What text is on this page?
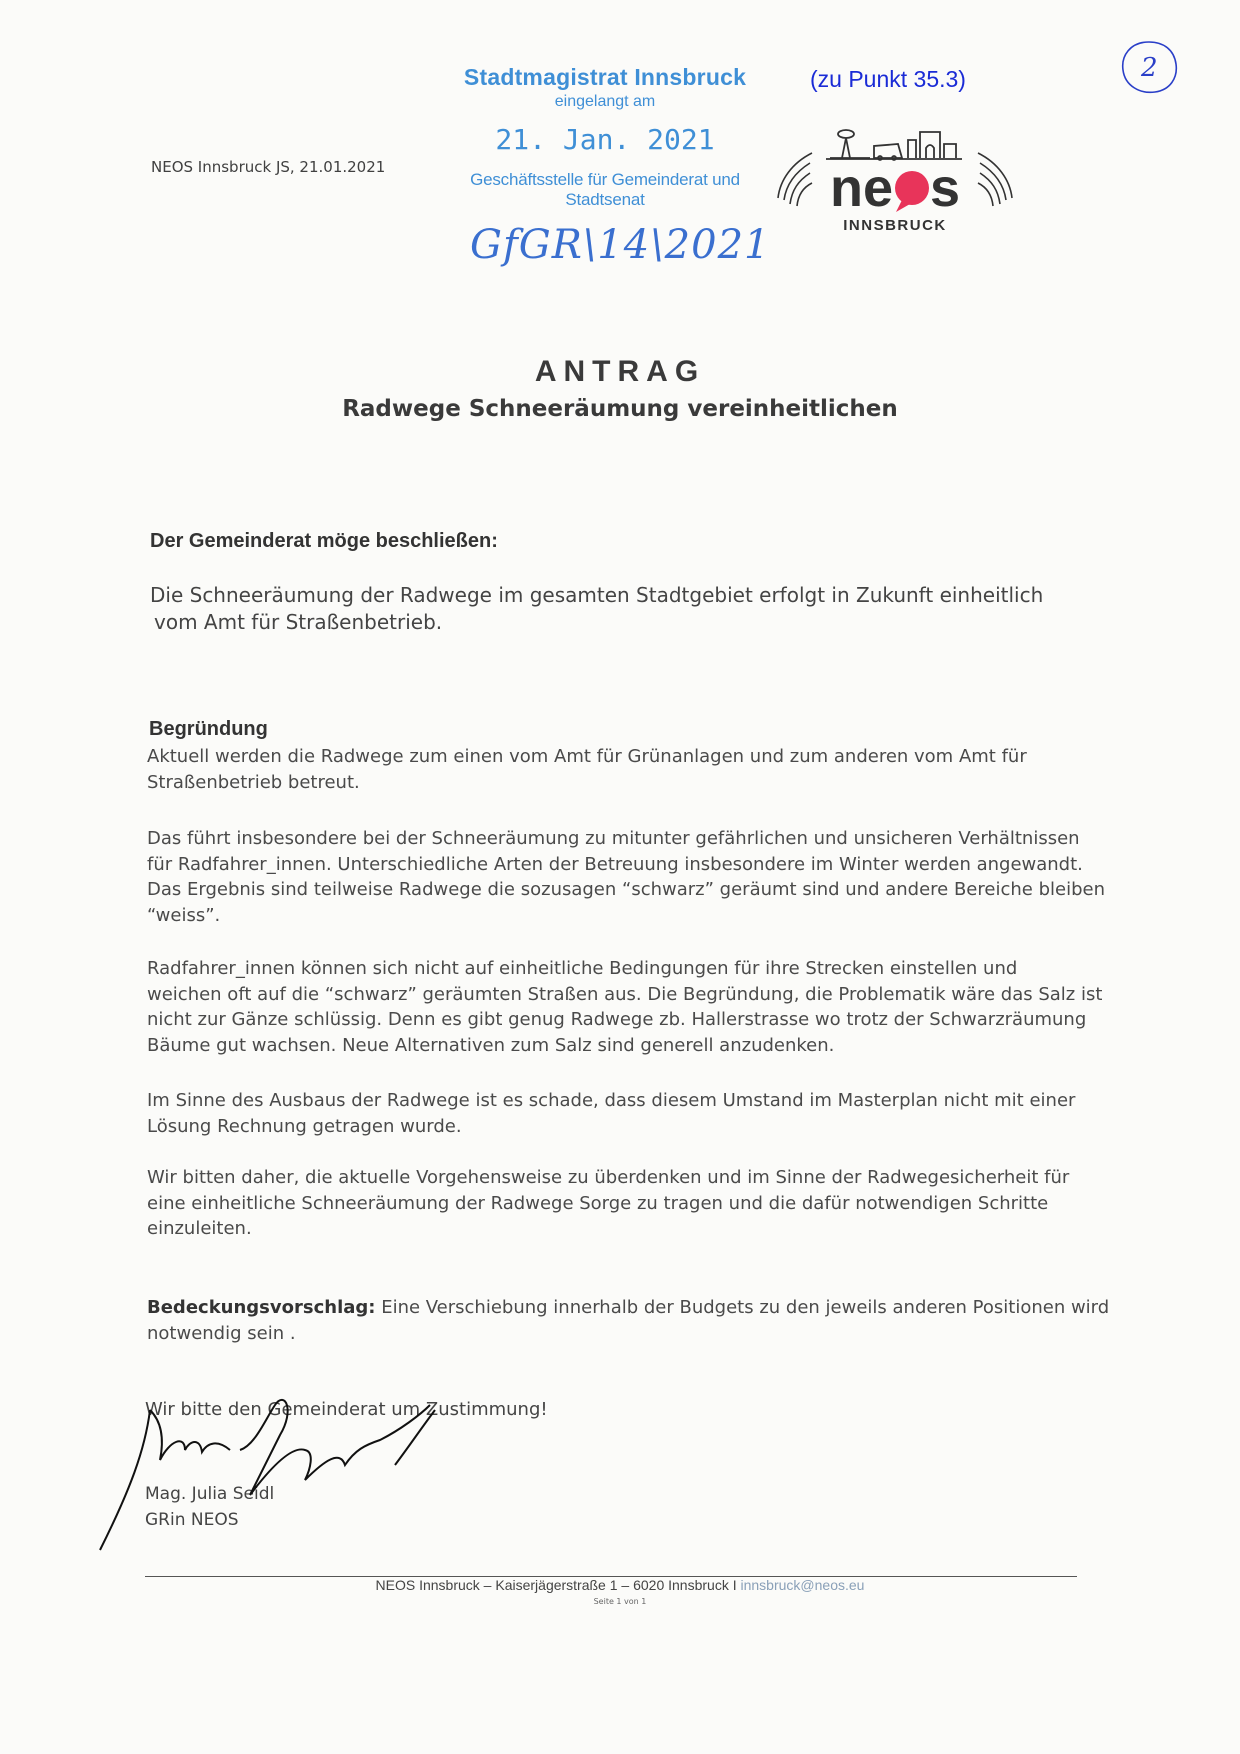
NEOS Innsbruck JS, 21.01.2021
Stadtmagistrat Innsbruck
eingelangt am
21. Jan. 2021
Geschäftsstelle für Gemeinderat und Stadtsenat
GfGR\14\2021
(zu Punkt 35.3)	2
ne s
INNSBRUCK
ANTRAG
Radwege Schneeräumung vereinheitlichen
Der Gemeinderat möge beschließen:
Die Schneeräumung der Radwege im gesamten Stadtgebiet erfolgt in Zukunft einheitlich
vom Amt für Straßenbetrieb.
Begründung
Aktuell werden die Radwege zum einen vom Amt für Grünanlagen und zum anderen vom Amt für
Straßenbetrieb betreut.
Das führt insbesondere bei der Schneeräumung zu mitunter gefährlichen und unsicheren Verhältnissen
für Radfahrer_innen. Unterschiedliche Arten der Betreuung insbesondere im Winter werden angewandt.
Das Ergebnis sind teilweise Radwege die sozusagen “schwarz” geräumt sind und andere Bereiche bleiben
“weiss”.
Radfahrer_innen können sich nicht auf einheitliche Bedingungen für ihre Strecken einstellen und
weichen oft auf die “schwarz” geräumten Straßen aus. Die Begründung, die Problematik wäre das Salz ist
nicht zur Gänze schlüssig. Denn es gibt genug Radwege zb. Hallerstrasse wo trotz der Schwarzräumung
Bäume gut wachsen. Neue Alternativen zum Salz sind generell anzudenken.
Im Sinne des Ausbaus der Radwege ist es schade, dass diesem Umstand im Masterplan nicht mit einer
Lösung Rechnung getragen wurde.
Wir bitten daher, die aktuelle Vorgehensweise zu überdenken und im Sinne der Radwegesicherheit für
eine einheitliche Schneeräumung der Radwege Sorge zu tragen und die dafür notwendigen Schritte
einzuleiten.
Bedeckungsvorschlag: Eine Verschiebung innerhalb der Budgets zu den jeweils anderen Positionen wird
notwendig sein .
Wir bitte den Gemeinderat um Zustimmung!
Mag. Julia Seidl
GRin NEOS
NEOS Innsbruck – Kaiserjägerstraße 1 – 6020 Innsbruck I innsbruck@neos.eu
Seite 1 von 1
